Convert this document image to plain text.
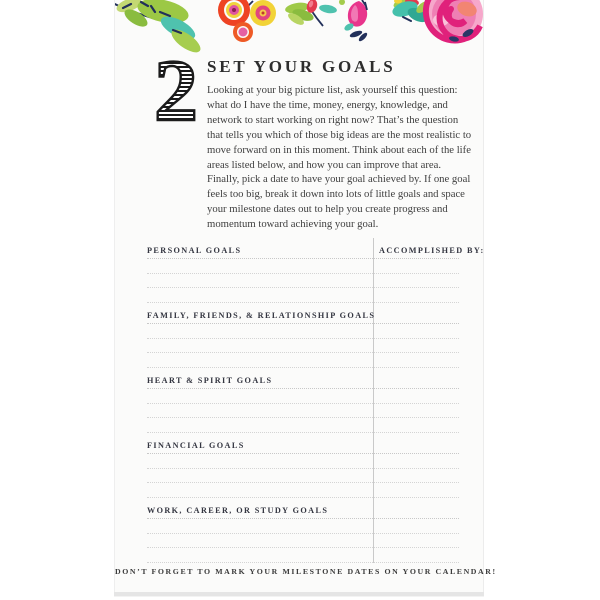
2 SET YOUR GOALS

Looking at your big picture list, ask yourself this question: what do I have the time, money, energy, knowledge, and network to start working on right now? That’s the question that tells you which of those big ideas are the most realistic to move forward on in this moment. Think about each of the life areas listed below, and how you can improve that area. Finally, pick a date to have your goal achieved by. If one goal feels too big, break it down into lots of little goals and space your milestone dates out to help you create progress and momentum toward achieving your goal.

PERSONAL GOALS	ACCOMPLISHED BY:
FAMILY, FRIENDS, & RELATIONSHIP GOALS
HEART & SPIRIT GOALS
FINANCIAL GOALS
WORK, CAREER, OR STUDY GOALS
DON’T FORGET TO MARK YOUR MILESTONE DATES ON YOUR CALENDAR!
